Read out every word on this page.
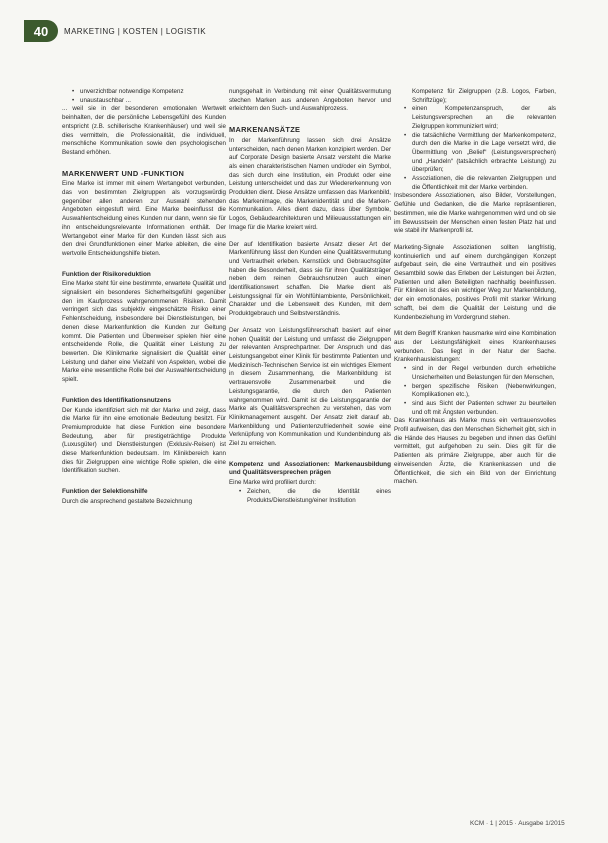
40	MARKETING | KOSTEN | LOGISTIK
• unverzichtbar notwendige Kompetenz
• unaustauschbar ...

... weil sie in der besonderen emotionalen Wertwelt beinhalten, der die persönliche Lebensgefühl des Kunden entspricht (z.B. schillerische Krankenhäuser) und weil sie dies vermitteln, die Professionalität, die individuell, menschliche Kommunikation sowie den psychologischen Bestand erhöhen.

MARKENWERT UND -FUNKTION

Eine Marke ist immer mit einem Wertangebot verbunden, das von bestimmten Zielgruppen als vorzugswürdig gegenüber allen anderen zur Auswahl stehenden Angeboten eingestuft wird. Eine Marke beeinflusst die Auswahlentscheidung eines Kunden nur dann, wenn sie für ihn entscheidungsrelevante Informationen enthält. Der Wertangebot einer Marke für den Kunden lässt sich aus den drei Grundfunktionen einer Marke ableiten, die eine wertvolle Entscheidungshilfe bieten.

Funktion der Risikoreduktion

Eine Marke steht für eine bestimmte, erwartete Qualität und signalisiert ein besonderes Sicherheitsgefühl gegenüber den im Kaufprozess wahrgenommenen Risiken. Damit verringert sich das subjektiv eingeschätzte Risiko einer Fehlentscheidung, insbesondere bei Dienstleistungen, bei denen diese Markenfunktion die Kunden zur Geltung kommt. Die Patienten und Überweiser spielen hier eine entscheidende Rolle, die Qualität einer Leistung zu bewerten. Die Klinikmarke signalisiert die Qualität einer Leistung und daher eine Vielzahl von Aspekten, wobei die Marke eine wesentliche Rolle bei der Auswahlentscheidung spielt.

Funktion des Identifikationsnutzens

Der Kunde identifiziert sich mit der Marke und zeigt, dass die Marke für ihn eine emotionale Bedeutung besitzt. Für Premiumprodukte hat diese Funktion eine besondere Bedeutung, aber für prestigeträchtige Produkte (Luxusgüter) und Dienstleistungen (Exklusiv-Reisen) ist diese Markenfunktion bedeutsam. Im Klinikbereich kann dies für Zielgruppen eine wichtige Rolle spielen, die eine Identifikation suchen.

Funktion der Selektionshilfe

Durch die ansprechend gestaltete Bezeichnung

nungsgehalt in Verbindung mit einer Qualitätsvermutung stechen Marken aus anderen Angeboten hervor und erleichtern den Such- und Auswahlprozess.

MARKENANSÄTZE

In der Markenführung lassen sich drei Ansätze unterscheiden, nach denen Marken konzipiert werden. Der auf Corporate Design basierte Ansatz versteht die Marke als einen charakteristischen Namen und/oder ein Symbol, das sich durch eine Institution, ein Produkt oder eine Leistung unterscheidet und das zur Wiedererkennung von Produkten dient. Diese Ansätze umfassen das Markenbild, das Markenimage, die Markenidentität und die Marken-Kommunikation. Alles dient dazu, dass über Symbole, Logos, Gebäudearchitekturen und Milieuausstattungen ein Image für die Marke kreiert wird.

Der auf Identifikation basierte Ansatz dieser Art der Markenführung lässt den Kunden eine Qualitätsvermutung und Vertrautheit erleben. Kernstück und Gebrauchsgüter haben die Besonderheit, dass sie für ihren Qualitätsträger neben dem reinen Gebrauchsnutzen auch einen Identifikationswert schaffen. Die Marke dient als Leistungssignal für ein Wohlfühlambiente, Persönlichkeit, Charakter und die Lebenswelt des Kunden, mit dem Produktgebrauch und Selbstverständnis.

Der Ansatz von Leistungsführerschaft basiert auf einer hohen Qualität der Leistung und umfasst die Zielgruppen der relevanten Ansprechpartner. Der Anspruch und das Leistungsangebot einer Klinik für bestimmte Patienten und Medizinisch-Technischen Service ist ein wichtiges Element in diesem Zusammenhang, die Markenbildung ist vertrauensvolle Zusammenarbeit und die Leistungsgarantie, die durch den Patienten wahrgenommen wird. Damit ist die Leistungsgarantie der Marke als Qualitätsversprechen zu verstehen, das vom Klinikmanagement ausgeht. Der Ansatz zielt darauf ab, Markenbildung und Patientenzufriedenheit sowie eine Verknüpfung von Kommunikation und Kundenbindung als Ziel zu erreichen.

Kompetenz und Assoziationen: Markenausbildung und Qualitätsversprechen prägen

Eine Marke wird profiliert durch:

• Zeichen, die die Identität eines Produkts/Dienstleistung/einer Institution

Kompetenz für Zielgruppen (z.B. Logos, Farben, Schriftzüge);

• einen Kompetenzanspruch, der als Leistungsversprechen an die relevanten Zielgruppen kommuniziert wird;
• die tatsächliche Vermittlung der Markenkompetenz, durch den die Marke in die Lage versetzt wird, die Übermittlung von „Belief“ (Leistungsversprechen) und „Handeln“ (tatsächlich erbrachte Leistung) zu überprüfen;
• Assoziationen, die die relevanten Zielgruppen und die Öffentlichkeit mit der Marke verbinden.

Insbesondere Assoziationen, also Bilder, Vorstellungen, Gefühle und Gedanken, die die Marke repräsentieren, bestimmen, wie die Marke wahrgenommen wird und ob sie im Bewusstsein der Menschen einen festen Platz hat und wie stabil ihr Markenprofil ist.

Marketing-Signale Assoziationen sollten langfristig, kontinuierlich und auf einem durchgängigen Konzept aufgebaut sein, die eine Vertrautheit und ein positives Gesamtbild sowie das Erleben der Leistungen bei Ärzten, Patienten und allen Beteiligten nachhaltig beeinflussen. Für Kliniken ist dies ein wichtiger Weg zur Markenbildung, der ein emotionales, positives Profil mit starker Wirkung schafft, bei dem die Qualität der Leistung und die Kundenbeziehung im Vordergrund stehen.

Mit dem Begriff Kranken hausmarke wird eine Kombination aus der Leistungsfähigkeit eines Krankenhauses verbunden. Das liegt in der Natur der Sache. Krankenhausleistungen:

• sind in der Regel verbunden durch erhebliche Unsicherheiten und Belastungen für den Menschen,
• bergen spezifische Risiken (Nebenwirkungen, Komplikationen etc.),
• sind aus Sicht der Patienten schwer zu beurteilen und oft mit Ängsten verbunden.

Das Krankenhaus als Marke muss ein vertrauensvolles Profil aufweisen, das den Menschen Sicherheit gibt, sich in die Hände des Hauses zu begeben und ihnen das Gefühl vermittelt, gut aufgehoben zu sein. Dies gilt für die Patienten als primäre Zielgruppe, aber auch für die einweisenden Ärzte, die Krankenkassen und die Öffentlichkeit, die sich ein Bild von der Einrichtung machen.

KCM · 1 | 2015 · Ausgabe 1/2015
